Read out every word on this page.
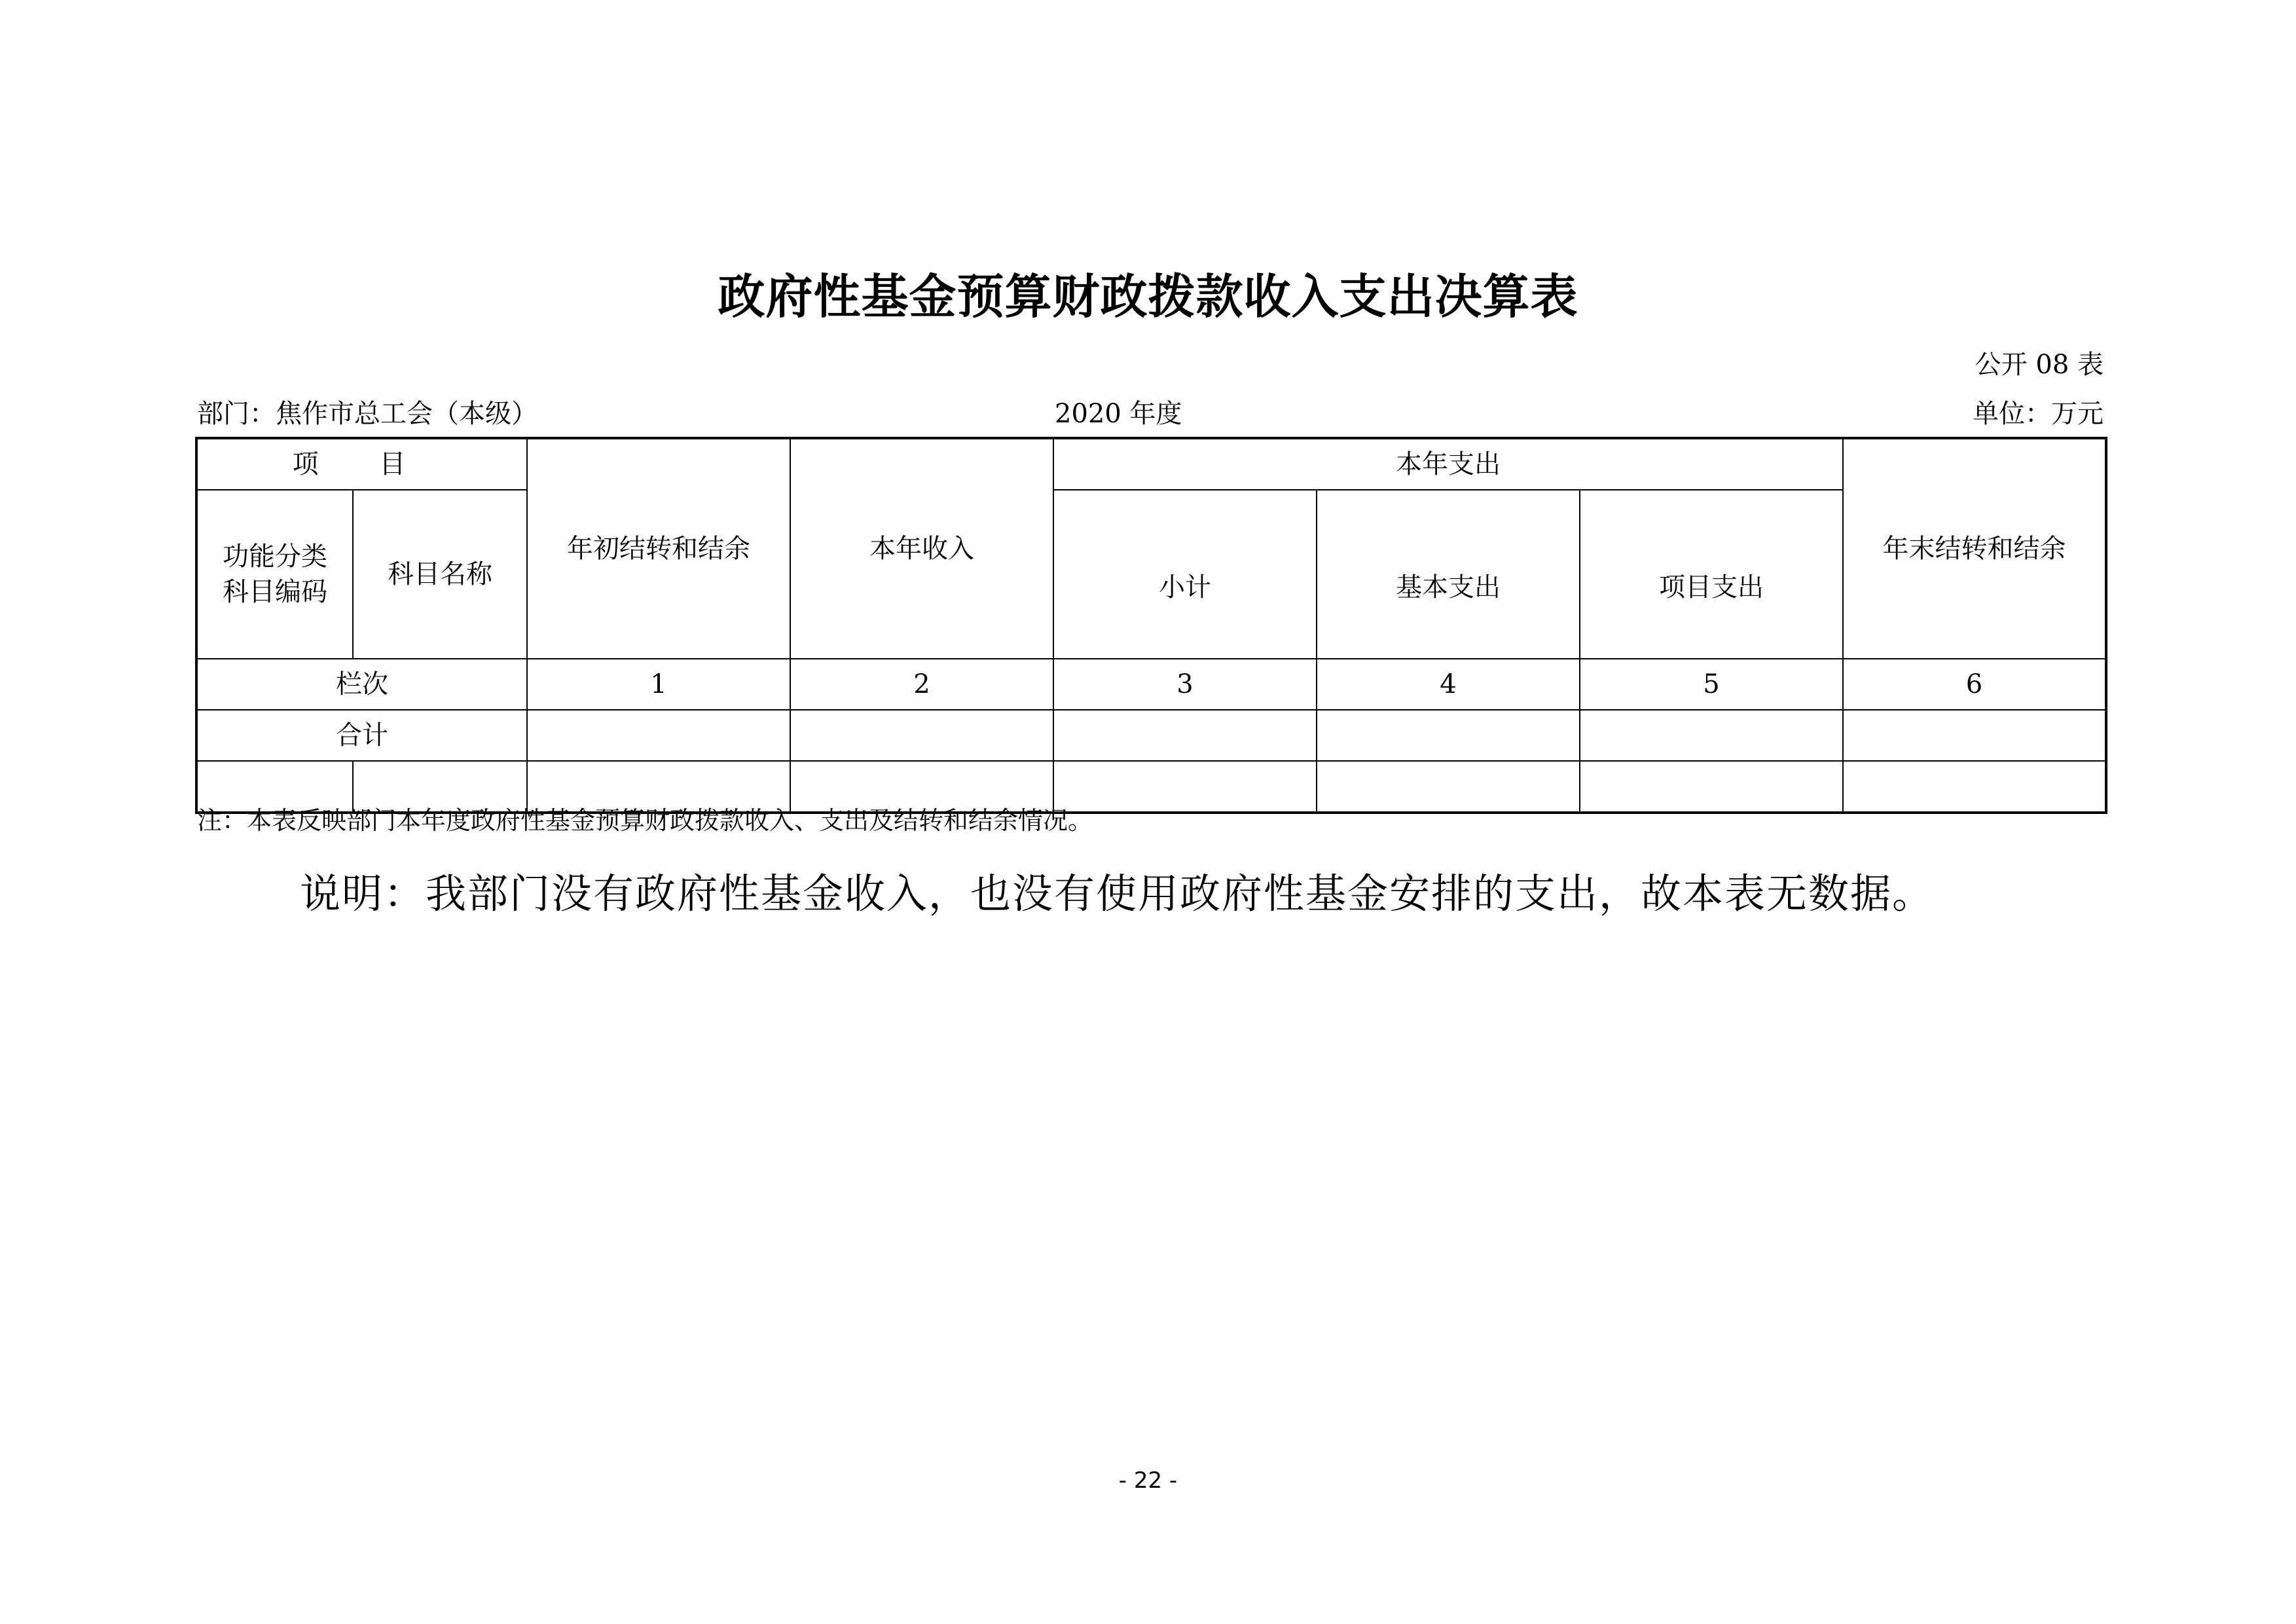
政府性基金预算财政拨款收入支出决算表
公开 08 表
部门：焦作市总工会（本级）	2020 年度	单位：万元
项 目		年初结转和结余	本年收入	本年支出			年末结转和结余
功能分类科目编码	科目名称			小计	基本支出	项目支出	
栏次		1	2	3	4	5	6
合计							

注：本表反映部门本年度政府性基金预算财政拨款收入、支出及结转和结余情况。
说明：我部门没有政府性基金收入，也没有使用政府性基金安排的支出，故本表无数据。
- 22 -
